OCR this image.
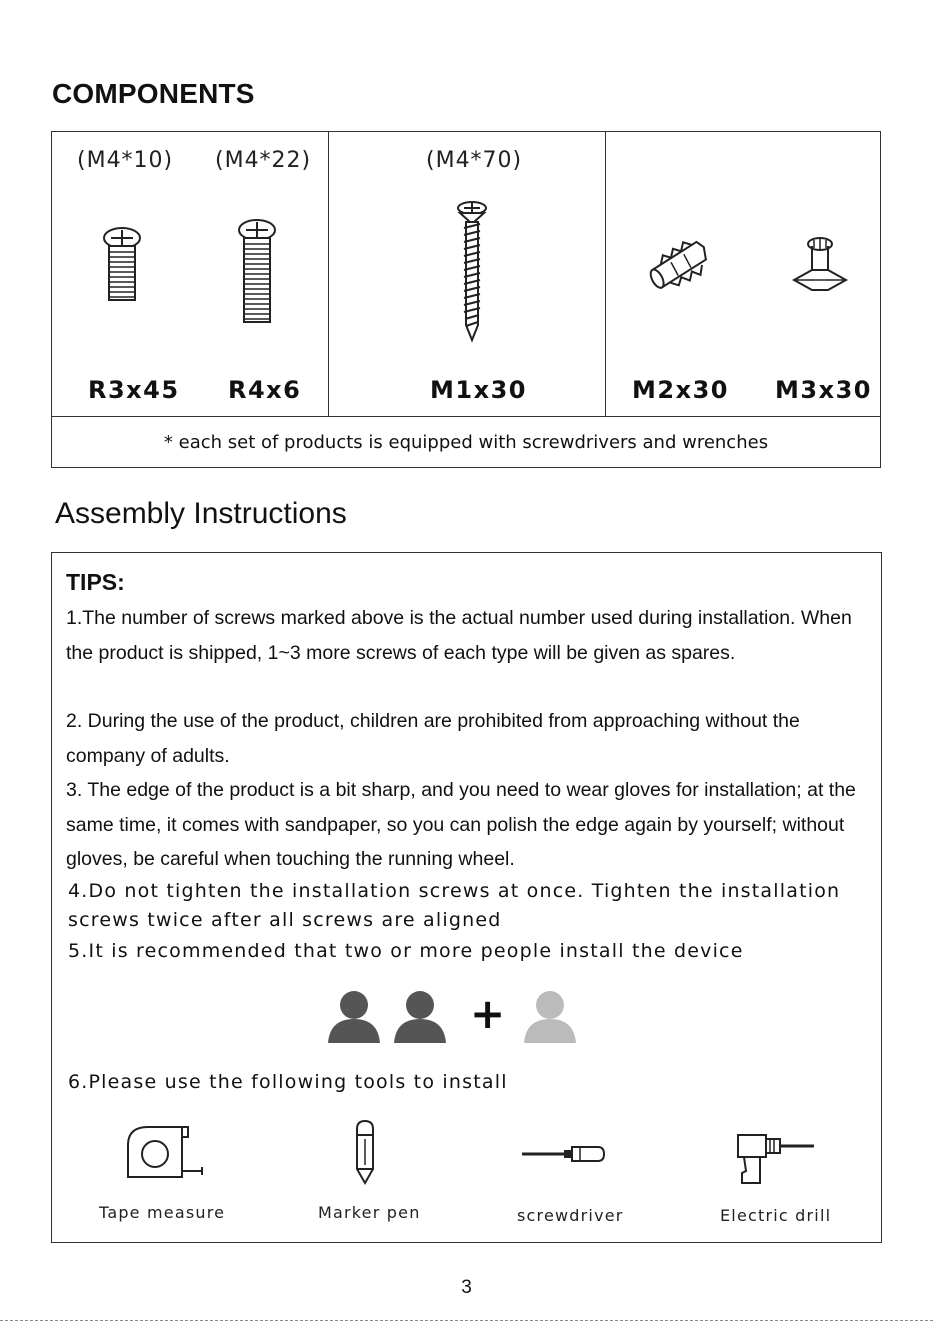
COMPONENTS
(M4*10) (M4*22)	(M4*70)
R3x45 R4x6	M1x30	M2x30 M3x30
* each set of products is equipped with screwdrivers and wrenches
Assembly Instructions
TIPS:
1.The number of screws marked above is the actual number used during installation. When the product is shipped, 1~3 more screws of each type will be given as spares.
2. During the use of the product, children are prohibited from approaching without the company of adults.
3. The edge of the product is a bit sharp, and you need to wear gloves for installation; at the same time, it comes with sandpaper, so you can polish the edge again by yourself; without gloves, be careful when touching the running wheel.
4.Do not tighten the installation screws at once. Tighten the installation screws twice after all screws are aligned
5.It is recommended that two or more people install the device
+
6.Please use the following tools to install
Tape measure	Marker pen	screwdriver	Electric drill
3
